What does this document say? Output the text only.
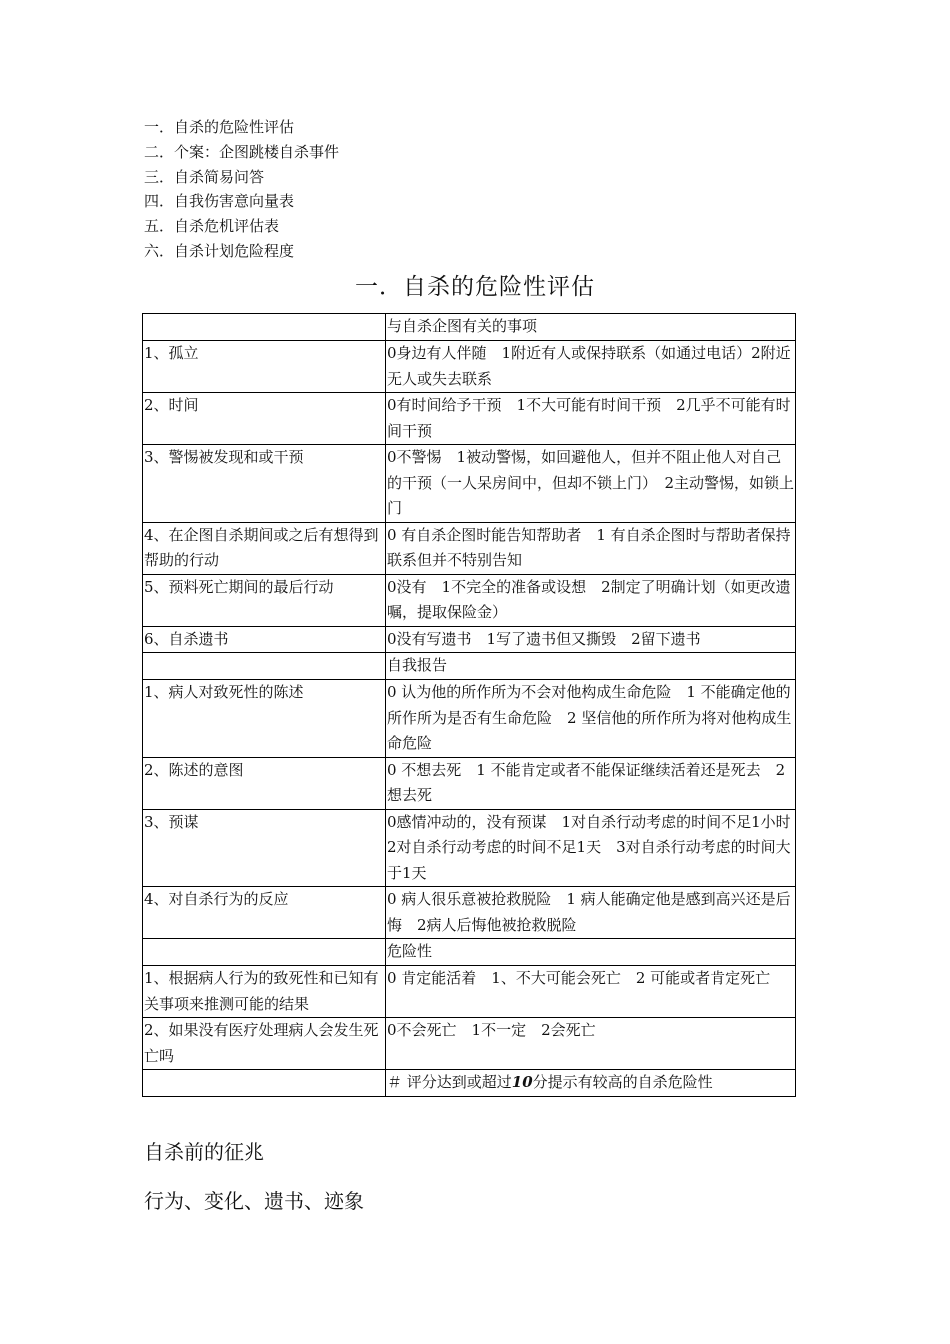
一．自杀的危险性评估
二．个案：企图跳楼自杀事件
三．自杀简易问答
四．自我伤害意向量表
五．自杀危机评估表
六．自杀计划危险程度
一．自杀的危险性评估
	与自杀企图有关的事项
1、孤立	0身边有人伴随　1附近有人或保持联系（如通过电话）2附近无人或失去联系
2、时间	0有时间给予干预　1不大可能有时间干预　2几乎不可能有时间干预
3、警惕被发现和或干预	0不警惕　1被动警惕，如回避他人，但并不阻止他人对自己的干预（一人呆房间中，但却不锁上门）　2主动警惕，如锁上门
4、在企图自杀期间或之后有想得到帮助的行动	0 有自杀企图时能告知帮助者　1 有自杀企图时与帮助者保持联系但并不特别告知
5、预料死亡期间的最后行动	0没有　1不完全的准备或设想　2制定了明确计划（如更改遗嘱，提取保险金）
6、自杀遗书	0没有写遗书　1写了遗书但又撕毁　2留下遗书
	自我报告
1、病人对致死性的陈述	0 认为他的所作所为不会对他构成生命危险　1 不能确定他的所作所为是否有生命危险　2 坚信他的所作所为将对他构成生命危险
2、陈述的意图	0 不想去死　1 不能肯定或者不能保证继续活着还是死去　2想去死
3、预谋	0感情冲动的，没有预谋　1对自杀行动考虑的时间不足1小时　2对自杀行动考虑的时间不足1天　3对自杀行动考虑的时间大于1天
4、对自杀行为的反应	0 病人很乐意被抢救脱险　1 病人能确定他是感到高兴还是后悔　2病人后悔他被抢救脱险
	危险性
1、根据病人行为的致死性和已知有关事项来推测可能的结果	0 肯定能活着　1、不大可能会死亡　2 可能或者肯定死亡
2、如果没有医疗处理病人会发生死亡吗	0不会死亡　1不一定　2会死亡
	＃ 评分达到或超过10分提示有较高的自杀危险性
自杀前的征兆
行为、变化、遗书、迹象
